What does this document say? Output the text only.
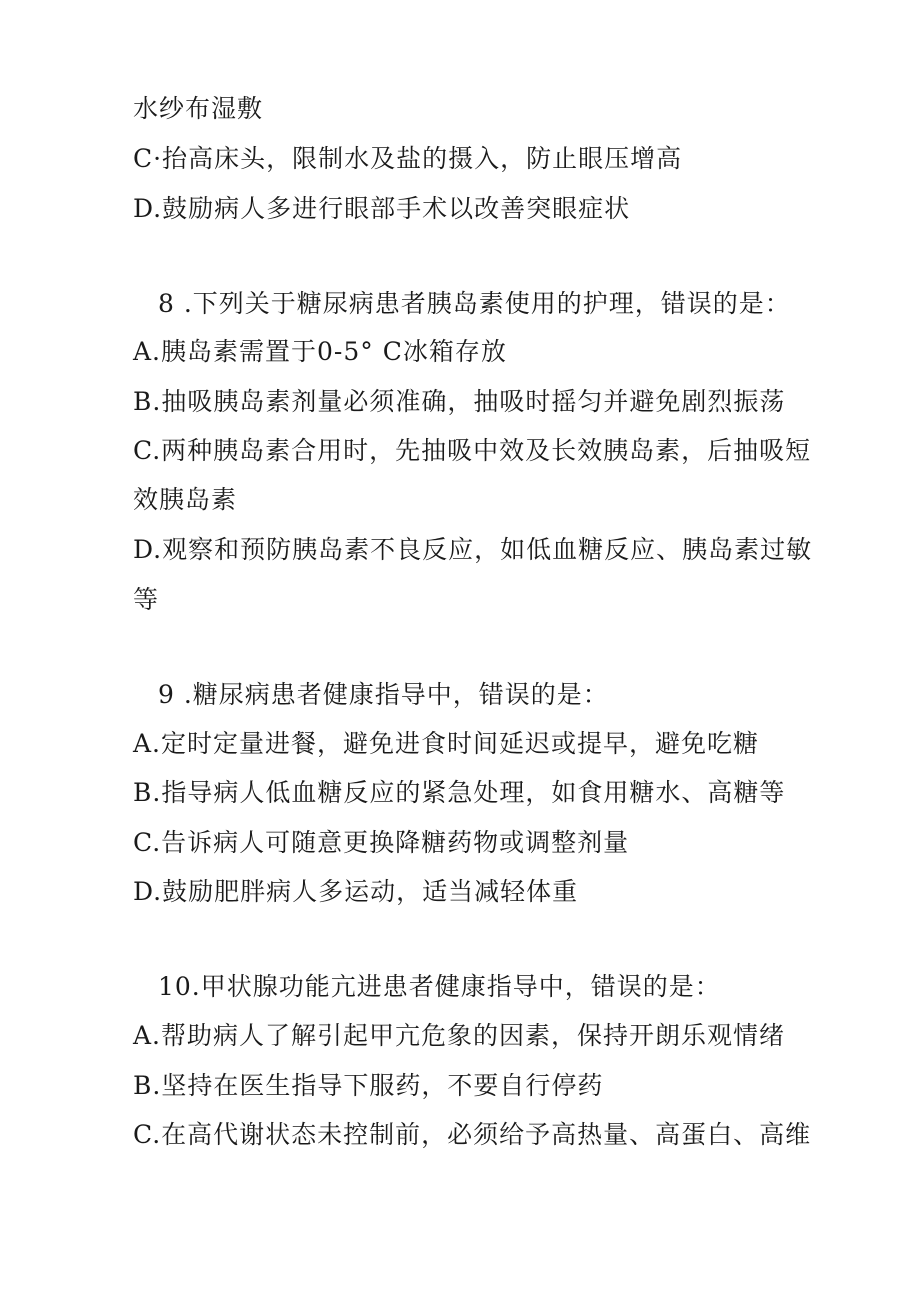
水纱布湿敷
C·抬高床头，限制水及盐的摄入，防止眼压增高
D.鼓励病人多进行眼部手术以改善突眼症状
8 .下列关于糖尿病患者胰岛素使用的护理，错误的是：
A.胰岛素需置于0-5° C冰箱存放
B.抽吸胰岛素剂量必须准确，抽吸时摇匀并避免剧烈振荡
C.两种胰岛素合用时，先抽吸中效及长效胰岛素，后抽吸短
效胰岛素
D.观察和预防胰岛素不良反应，如低血糖反应、胰岛素过敏
等
9 .糖尿病患者健康指导中，错误的是：
A.定时定量进餐，避免进食时间延迟或提早，避免吃糖
B.指导病人低血糖反应的紧急处理，如食用糖水、高糖等
C.告诉病人可随意更换降糖药物或调整剂量
D.鼓励肥胖病人多运动，适当减轻体重
10.甲状腺功能亢进患者健康指导中，错误的是：
A.帮助病人了解引起甲亢危象的因素，保持开朗乐观情绪
B.坚持在医生指导下服药，不要自行停药
C.在高代谢状态未控制前，必须给予高热量、高蛋白、高维
